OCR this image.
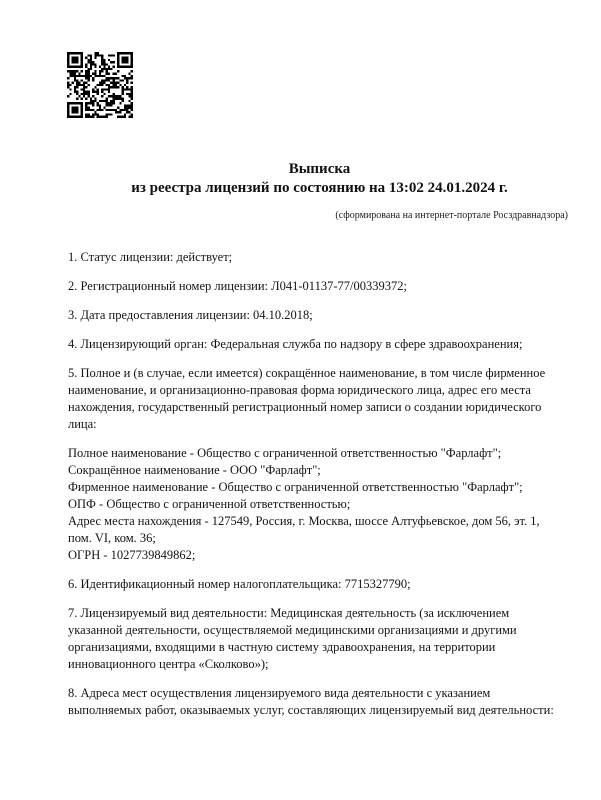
Выписка
из реестра лицензий по состоянию на 13:02 24.01.2024 г.
(сформирована на интернет-портале Росздравнадзора)
1. Статус лицензии: действует;
2. Регистрационный номер лицензии: Л041-01137-77/00339372;
3. Дата предоставления лицензии: 04.10.2018;
4. Лицензирующий орган: Федеральная служба по надзору в сфере здравоохранения;
5. Полное и (в случае, если имеется) сокращённое наименование, в том числе фирменное наименование, и организационно-правовая форма юридического лица, адрес его места нахождения, государственный регистрационный номер записи о создании юридического лица:
Полное наименование - Общество с ограниченной ответственностью "Фарлафт";
Сокращённое наименование - ООО "Фарлафт";
Фирменное наименование - Общество с ограниченной ответственностью "Фарлафт";
ОПФ - Общество с ограниченной ответственностью;
Адрес места нахождения - 127549, Россия, г. Москва, шоссе Алтуфьевское, дом 56, эт. 1, пом. VI, ком. 36;
ОГРН - 1027739849862;
6. Идентификационный номер налогоплательщика: 7715327790;
7. Лицензируемый вид деятельности: Медицинская деятельность (за исключением указанной деятельности, осуществляемой медицинскими организациями и другими организациями, входящими в частную систему здравоохранения, на территории инновационного центра «Сколково»);
8. Адреса мест осуществления лицензируемого вида деятельности с указанием выполняемых работ, оказываемых услуг, составляющих лицензируемый вид деятельности:
